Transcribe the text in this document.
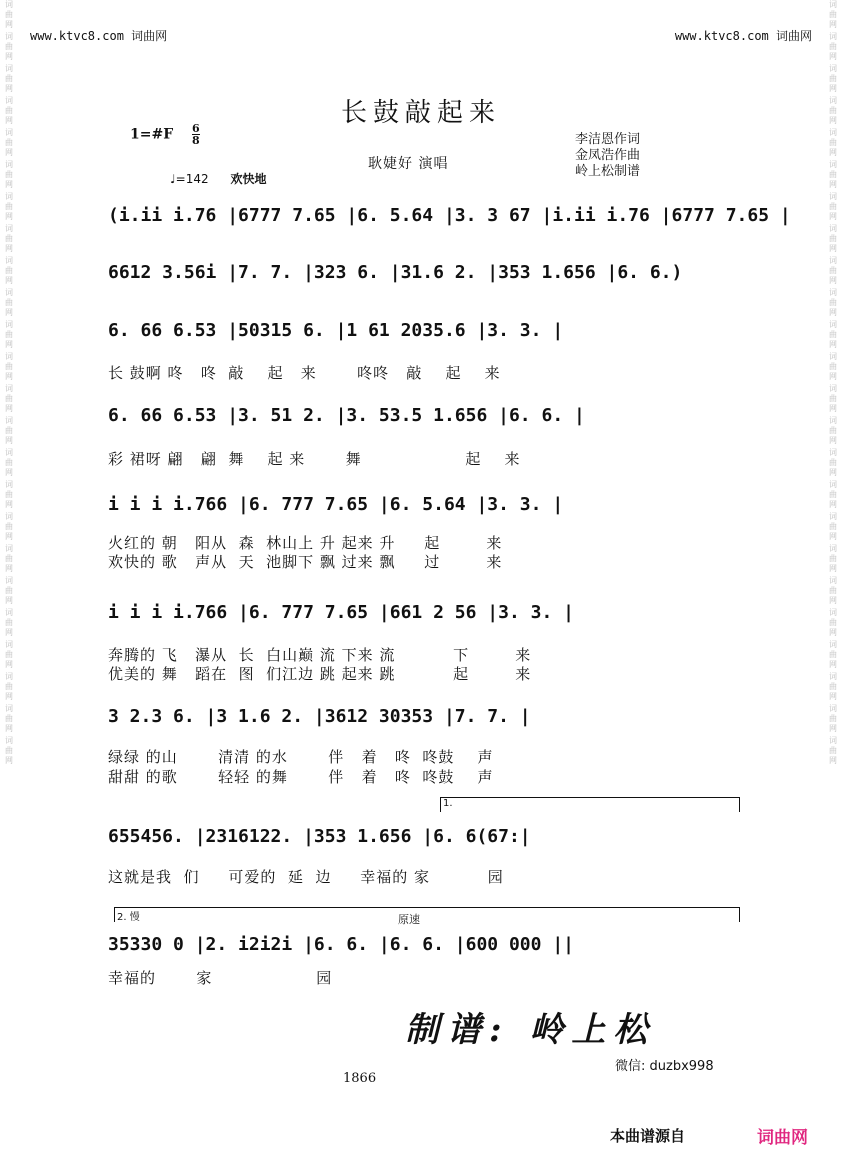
词曲网
词曲网
词曲网
词曲网
词曲网
词曲网
词曲网
词曲网
词曲网
词曲网
词曲网
词曲网
词曲网
词曲网
词曲网
词曲网
词曲网
词曲网
词曲网
词曲网
词曲网
词曲网
词曲网
词曲网
词曲网
词曲网
词曲网
词曲网
词曲网
词曲网
词曲网
词曲网
词曲网
词曲网
词曲网
词曲网
词曲网
词曲网
词曲网
词曲网
词曲网
词曲网
词曲网
词曲网
词曲网
词曲网
词曲网
词曲网
www.ktvc8.com 词曲网	www.ktvc8.com 词曲网
长鼓敲起来
1=#F $\frac{6}{8}$
耿婕好 演唱
李洁恩作词
金凤浩作曲
岭上松制谱
♩=142 欢快地
(i.ii i.76 |6777 7.65 |6. 5.64 |3. 3 67 |i.ii i.76 |6777 7.65 |
6612 3.56i |7. 7. |323 6. |31.6 2. |353 1.656 |6. 6.)
6. 66 6.53 |50315 6. |1 61 2035.6 |3. 3. |
长 鼓啊 咚   咚  敲    起   来       咚咚   敲    起    来
6. 66 6.53 |3. 51 2. |3. 53.5 1.656 |6. 6. |
彩 裙呀 翩   翩  舞    起 来       舞                  起    来
i i i i.766 |6. 777 7.65 |6. 5.64 |3. 3. |
火红的 朝   阳从  森  林山上 升 起来 升     起        来
欢快的 歌   声从  天  池脚下 飘 过来 飘     过        来
i i i i.766 |6. 777 7.65 |661 2 56 |3. 3. |
奔腾的 飞   瀑从  长  白山巅 流 下来 流          下        来
优美的 舞   蹈在  图  们江边 跳 起来 跳          起        来
3 2.3 6. |3 1.6 2. |3612 30353 |7. 7. |
绿绿 的山       清清 的水       伴   着   咚  咚鼓    声
甜甜 的歌       轻轻 的舞       伴   着   咚  咚鼓    声
1.
655456. |2316122. |353 1.656 |6. 6(67:|
这就是我  们     可爱的  延  边     幸福的 家          园
2. 慢	原速
35330 0 |2. i2i2i |6. 6. |6. 6. |600 000 ||
幸福的       家                  园
制谱: 岭上松
微信: duzbx998
1866
本曲谱源自	词曲网
